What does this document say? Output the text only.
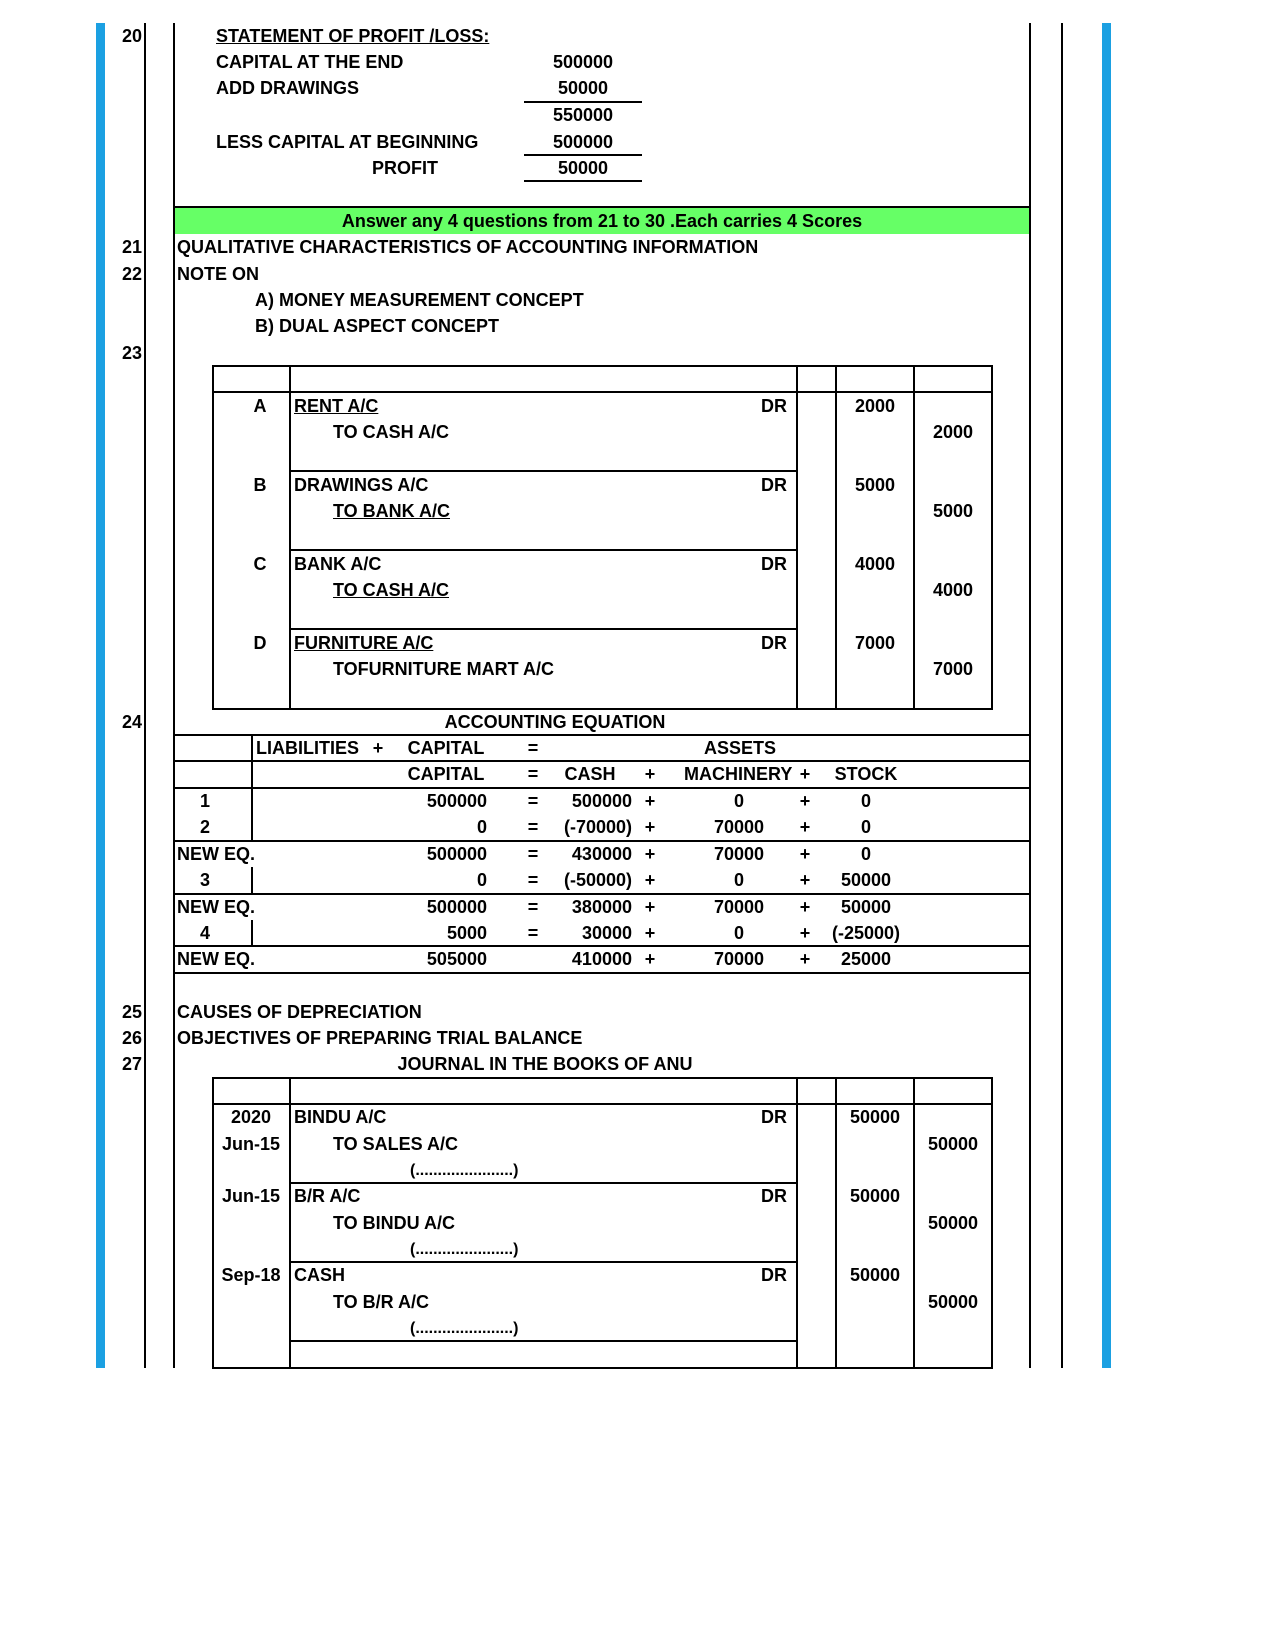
20	STATEMENT OF PROFIT /LOSS:
CAPITAL AT THE END	500000
ADD DRAWINGS	50000
550000
LESS CAPITAL AT BEGINNING	500000
PROFIT	50000
Answer any 4 questions from 21 to 30 .Each carries 4 Scores
21 QUALITATIVE CHARACTERISTICS OF ACCOUNTING INFORMATION
22 NOTE ON
A) MONEY MEASUREMENT CONCEPT
B) DUAL ASPECT CONCEPT
23
A	RENT A/C	DR	2000
TO CASH A/C	2000
B	DRAWINGS A/C	DR	5000
TO BANK A/C	5000
C	BANK A/C	DR	4000
TO CASH A/C	4000
D	FURNITURE A/C	DR	7000
TOFURNITURE MART A/C	7000
24	ACCOUNTING EQUATION
LIABILITIES + CAPITAL =	ASSETS
CAPITAL = CASH + MACHINERY +	STOCK
1	500000 =	500000 +	0	+	0
2	0 =	(-70000) +	70000	+	0
NEW EQ.	500000 =	430000 +	70000	+	0
3	0 =	(-50000) +	0	+	50000
NEW EQ.	500000 =	380000 +	70000	+	50000
4	5000 =	30000 +	0	+	(-25000)
NEW EQ.	505000	410000 +	70000	+	25000
25 CAUSES OF DEPRECIATION
26 OBJECTIVES OF PREPARING TRIAL BALANCE
27	JOURNAL IN THE BOOKS OF ANU
2020
Jun-15
BINDU A/C	DR	50000
TO SALES A/C	50000
(......................)
Jun-15 B/R A/C	DR	50000
TO BINDU A/C	50000
(......................)
Sep-18 CASH	DR	50000
TO B/R A/C	50000
(......................)
